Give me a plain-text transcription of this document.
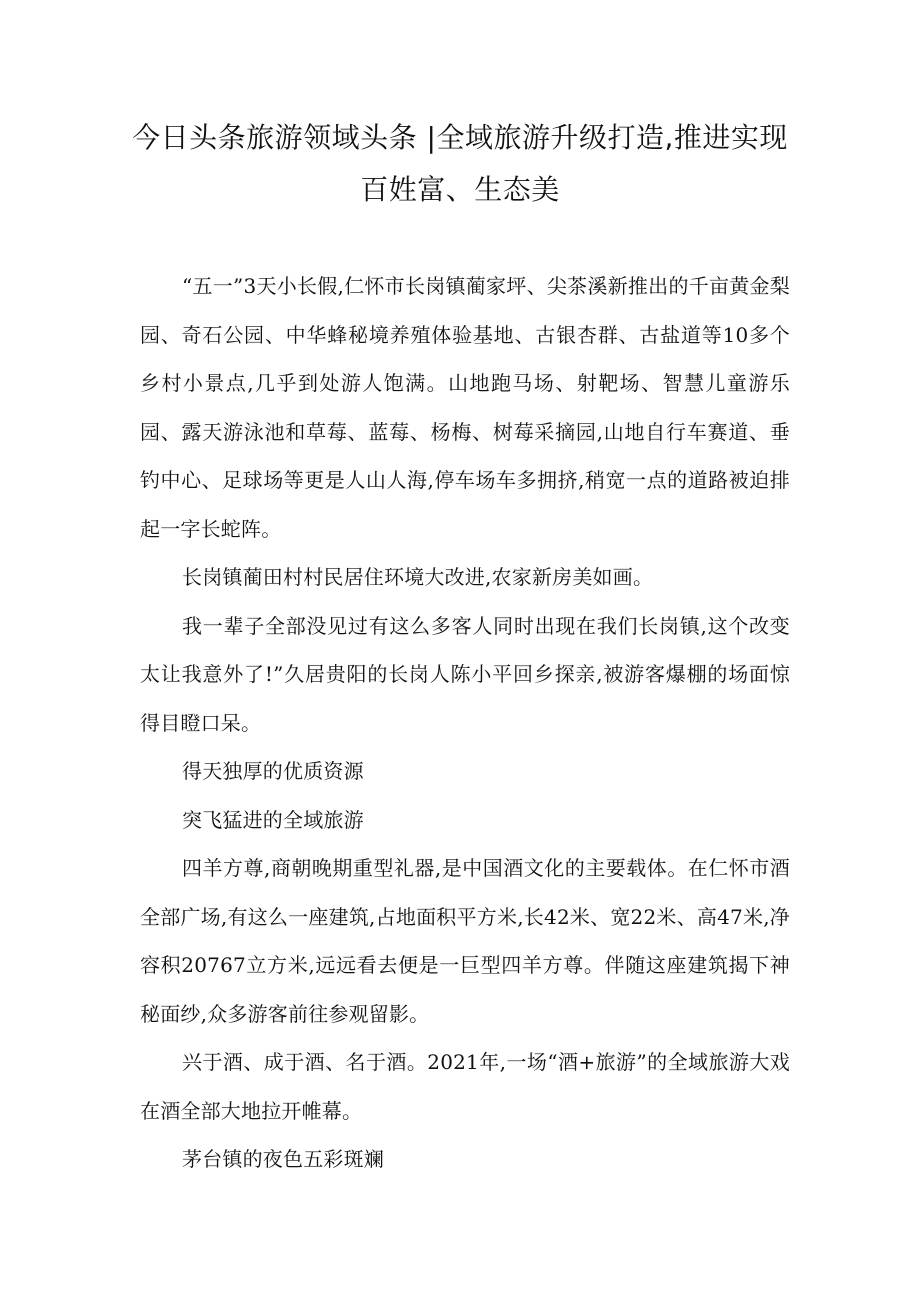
今日头条旅游领域头条 |全域旅游升级打造,推进实现百姓富、生态美

“五一”3天小长假,仁怀市长岗镇蔺家坪、尖茶溪新推出的千亩黄金梨园、奇石公园、中华蜂秘境养殖体验基地、古银杏群、古盐道等10多个乡村小景点,几乎到处游人饱满。山地跑马场、射靶场、智慧儿童游乐园、露天游泳池和草莓、蓝莓、杨梅、树莓采摘园,山地自行车赛道、垂钓中心、足球场等更是人山人海,停车场车多拥挤,稍宽一点的道路被迫排起一字长蛇阵。

长岗镇蔺田村村民居住环境大改进,农家新房美如画。

我一辈子全部没见过有这么多客人同时出现在我们长岗镇,这个改变太让我意外了!”久居贵阳的长岗人陈小平回乡探亲,被游客爆棚的场面惊得目瞪口呆。

得天独厚的优质资源

突飞猛进的全域旅游

四羊方尊,商朝晚期重型礼器,是中国酒文化的主要载体。在仁怀市酒全部广场,有这么一座建筑,占地面积平方米,长42米、宽22米、高47米,净容积20767立方米,远远看去便是一巨型四羊方尊。伴随这座建筑揭下神秘面纱,众多游客前往参观留影。

兴于酒、成于酒、名于酒。2021年,一场“酒+旅游”的全域旅游大戏在酒全部大地拉开帷幕。

茅台镇的夜色五彩斑斓
